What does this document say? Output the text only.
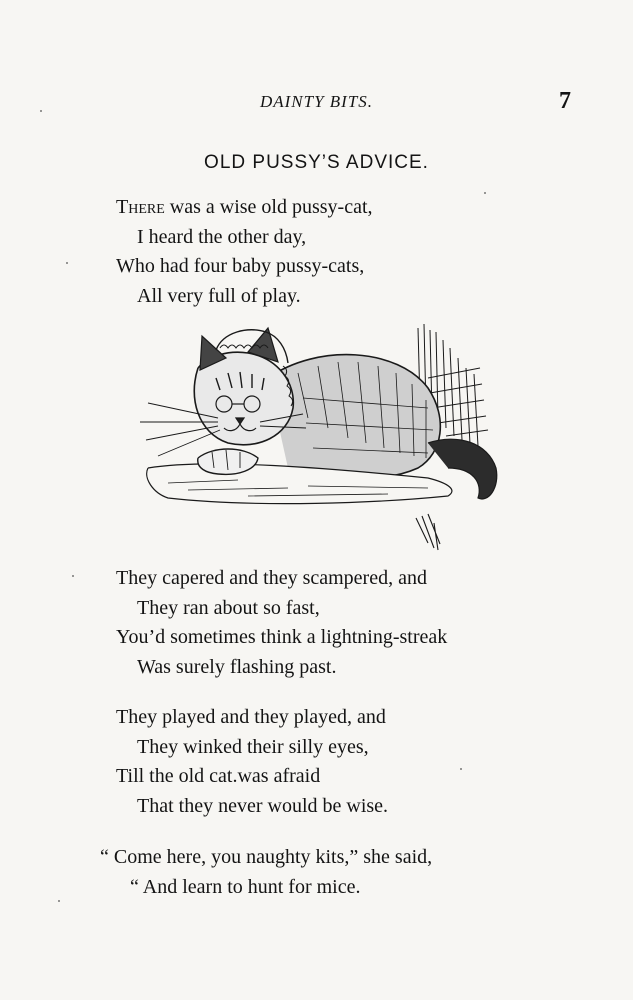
DAINTY BITS.	7
OLD PUSSY’S ADVICE.
There was a wise old pussy-cat,
I heard the other day,
Who had four baby pussy-cats,
All very full of play.
They capered and they scampered, and
They ran about so fast,
You’d sometimes think a lightning-streak
Was surely flashing past.
They played and they played, and
They winked their silly eyes,
Till the old cat.was afraid
That they never would be wise.
“ Come here, you naughty kits,” she said,
“ And learn to hunt for mice.
